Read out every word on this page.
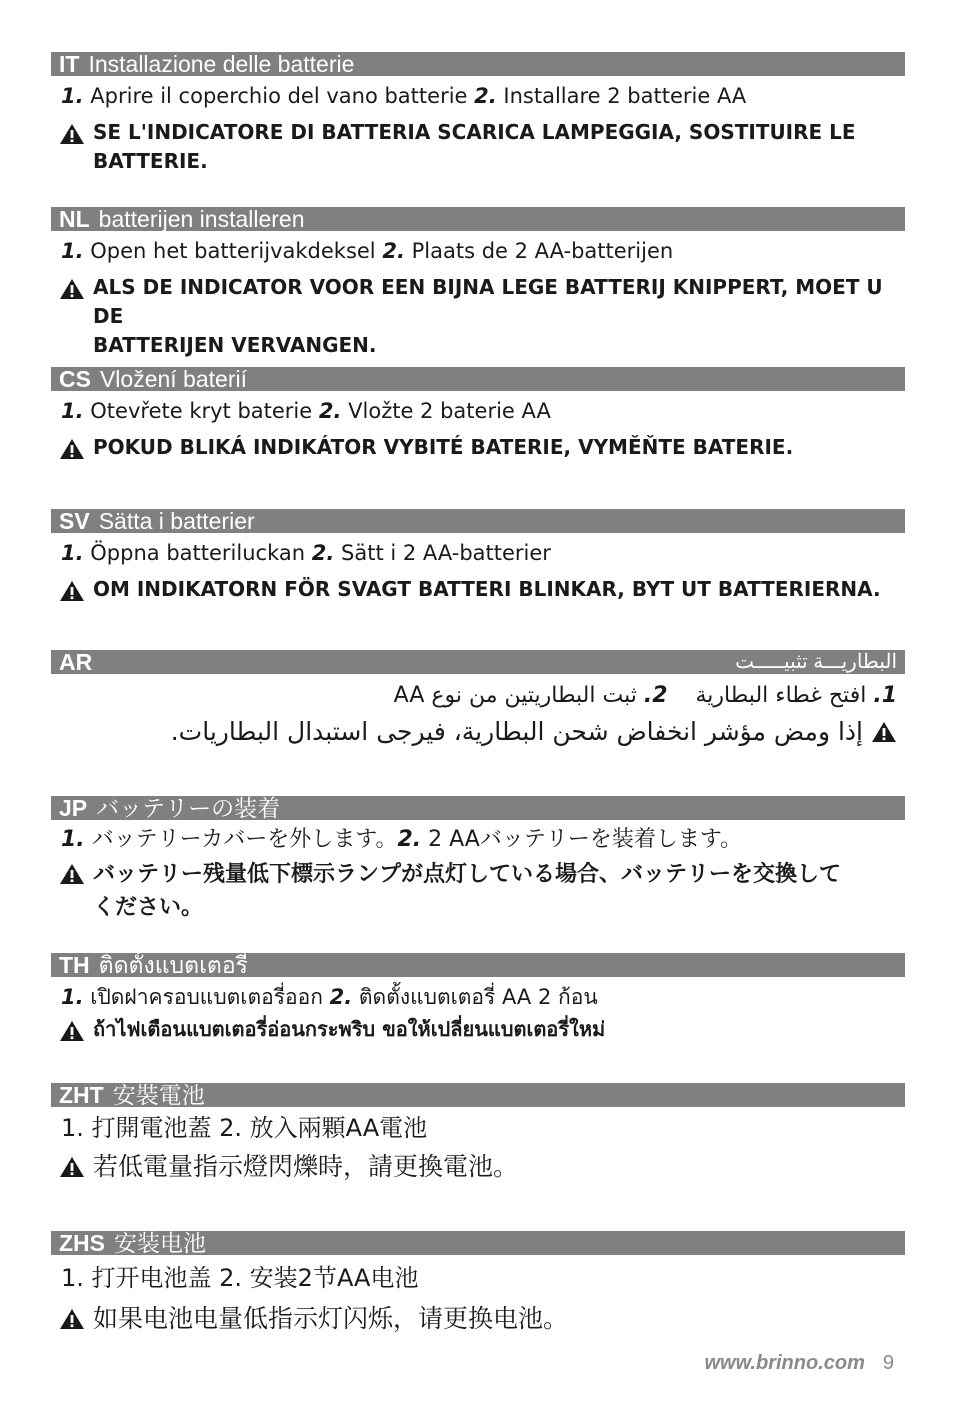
IT Installazione delle batterie
1. Aprire il coperchio del vano batterie 2. Installare 2 batterie AA
SE L'INDICATORE DI BATTERIA SCARICA LAMPEGGIA, SOSTITUIRE LE
BATTERIE.
NL batterijen installeren
1. Open het batterijvakdeksel 2. Plaats de 2 AA-batterijen
ALS DE INDICATOR VOOR EEN BIJNA LEGE BATTERIJ KNIPPERT, MOET U DE
BATTERIJEN VERVANGEN.
CS Vložení baterií
1. Otevřete kryt baterie 2. Vložte 2 baterie AA
POKUD BLIKÁ INDIKÁTOR VYBITÉ BATERIE, VYMĚŇTE BATERIE.
SV Sätta i batterier
1. Öppna batteriluckan 2. Sätt i 2 AA-batterier
OM INDIKATORN FÖR SVAGT BATTERI BLINKAR, BYT UT BATTERIERNA.
AR	البطاريـــة تثبيـــــت
1. افتح غطاء البطارية    2. ثبت البطاريتين من نوع AA
إذا ومض مؤشر انخفاض شحن البطارية، فيرجى استبدال البطاريات.
JP バッテリーの装着
1. バッテリーカバーを外します。2. 2 AAバッテリーを装着します。
バッテリー残量低下標示ランプが点灯している場合、バッテリーを交換して
ください。
TH ติดตั้งแบตเตอรี
1. เปิดฝาครอบแบตเตอรี่ออก 2. ติดตั้งแบตเตอรี่ AA 2 ก้อน
ถ้าไฟเตือนแบตเตอรี่อ่อนกระพริบ ขอให้เปลี่ยนแบตเตอรี่ใหม่
ZHT 安裝電池
1. 打開電池蓋 2. 放入兩顆AA電池
若低電量指示燈閃爍時，請更換電池。
ZHS 安装电池
1. 打开电池盖 2. 安装2节AA电池
如果电池电量低指示灯闪烁，请更换电池。
www.brinno.com 9
